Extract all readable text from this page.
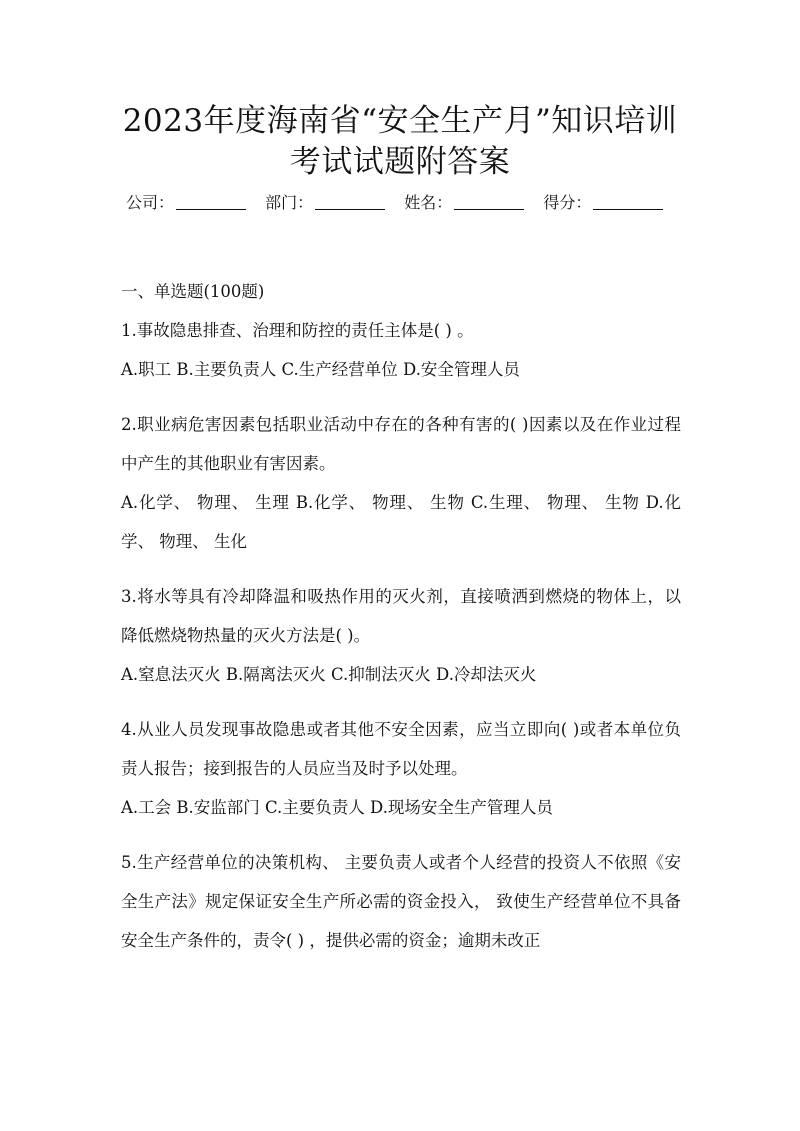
2023年度海南省“安全生产月”知识培训
考试试题附答案
公司：	部门：	姓名：	得分：
一、单选题(100题)

1.事故隐患排查、治理和防控的责任主体是( ) 。

A.职工 B.主要负责人 C.生产经营单位 D.安全管理人员

2.职业病危害因素包括职业活动中存在的各种有害的( )因素以及在作业过程中产生的其他职业有害因素。

A.化学、 物理、 生理 B.化学、 物理、 生物 C.生理、 物理、 生物 D.化学、 物理、 生化

3.将水等具有冷却降温和吸热作用的灭火剂，直接喷洒到燃烧的物体上，以降低燃烧物热量的灭火方法是( )。

A.窒息法灭火 B.隔离法灭火 C.抑制法灭火 D.冷却法灭火

4.从业人员发现事故隐患或者其他不安全因素，应当立即向( )或者本单位负责人报告；接到报告的人员应当及时予以处理。

A.工会 B.安监部门 C.主要负责人 D.现场安全生产管理人员

5.生产经营单位的决策机构、 主要负责人或者个人经营的投资人不依照《安全生产法》规定保证安全生产所必需的资金投入， 致使生产经营单位不具备安全生产条件的，责令( ) ，提供必需的资金；逾期未改正
